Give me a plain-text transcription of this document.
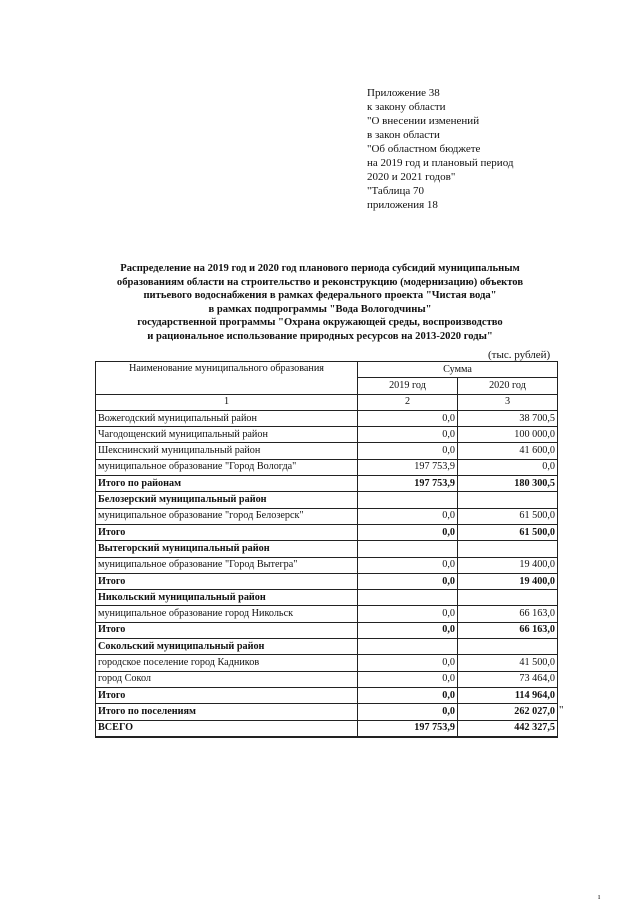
Приложение 38
к закону области
"О внесении изменений
в закон области
"Об областном бюджете
на 2019 год и плановый период
2020 и 2021 годов"
"Таблица 70
приложения 18
Распределение на 2019 год и 2020 год планового периода субсидий муниципальным
образованиям области на строительство и реконструкцию (модернизацию) объектов
питьевого водоснабжения в рамках федерального проекта "Чистая вода"
в рамках подпрограммы "Вода Вологодчины"
государственной программы "Охрана окружающей среды, воспроизводство
и рациональное использование природных ресурсов на 2013-2020 годы"
(тыс. рублей)
Наименование муниципального образования	Сумма	
	2019 год	2020 год
1	2	3
Вожегодский муниципальный район	0,0	38 700,5
Чагодощенский муниципальный район	0,0	100 000,0
Шекснинский муниципальный район	0,0	41 600,0
муниципальное образование "Город Вологда"	197 753,9	0,0
Итого по районам	197 753,9	180 300,5
Белозерский муниципальный район		
муниципальное образование "город Белозерск"	0,0	61 500,0
Итого	0,0	61 500,0
Вытегорский муниципальный район		
муниципальное образование "Город Вытегра"	0,0	19 400,0
Итого	0,0	19 400,0
Никольский муниципальный район		
муниципальное образование город Никольск	0,0	66 163,0
Итого	0,0	66 163,0
Сокольский муниципальный район		
городское поселение город Кадников	0,0	41 500,0
город Сокол	0,0	73 464,0
Итого	0,0	114 964,0
Итого по поселениям	0,0	262 027,0
ВСЕГО	197 753,9	442 327,5
"
ı
